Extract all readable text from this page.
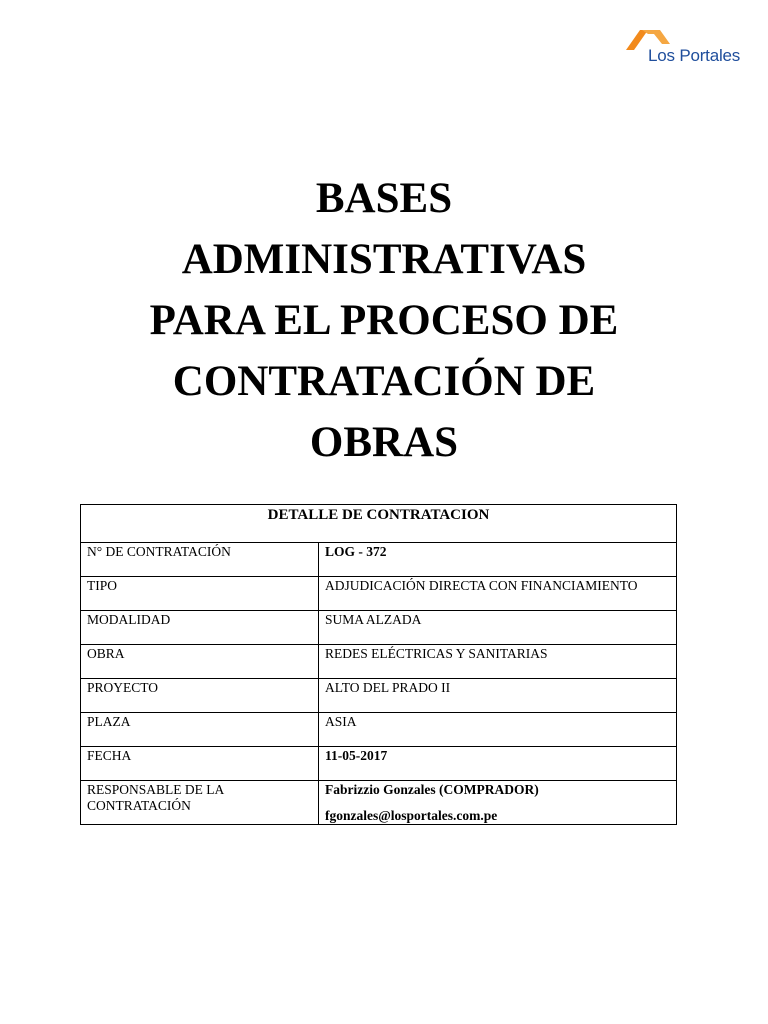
Los Portales
BASES
ADMINISTRATIVAS
PARA EL PROCESO DE
CONTRATACIÓN DE
OBRAS
DETALLE DE CONTRATACION	
N° DE CONTRATACIÓN	LOG - 372
TIPO	ADJUDICACIÓN DIRECTA CON FINANCIAMIENTO
MODALIDAD	SUMA ALZADA
OBRA	REDES ELÉCTRICAS Y SANITARIAS
PROYECTO	ALTO DEL PRADO II
PLAZA	ASIA
FECHA	11-05-2017
RESPONSABLE DE LA CONTRATACIÓN	Fabrizzio Gonzales (COMPRADOR)
fgonzales@losportales.com.pe
